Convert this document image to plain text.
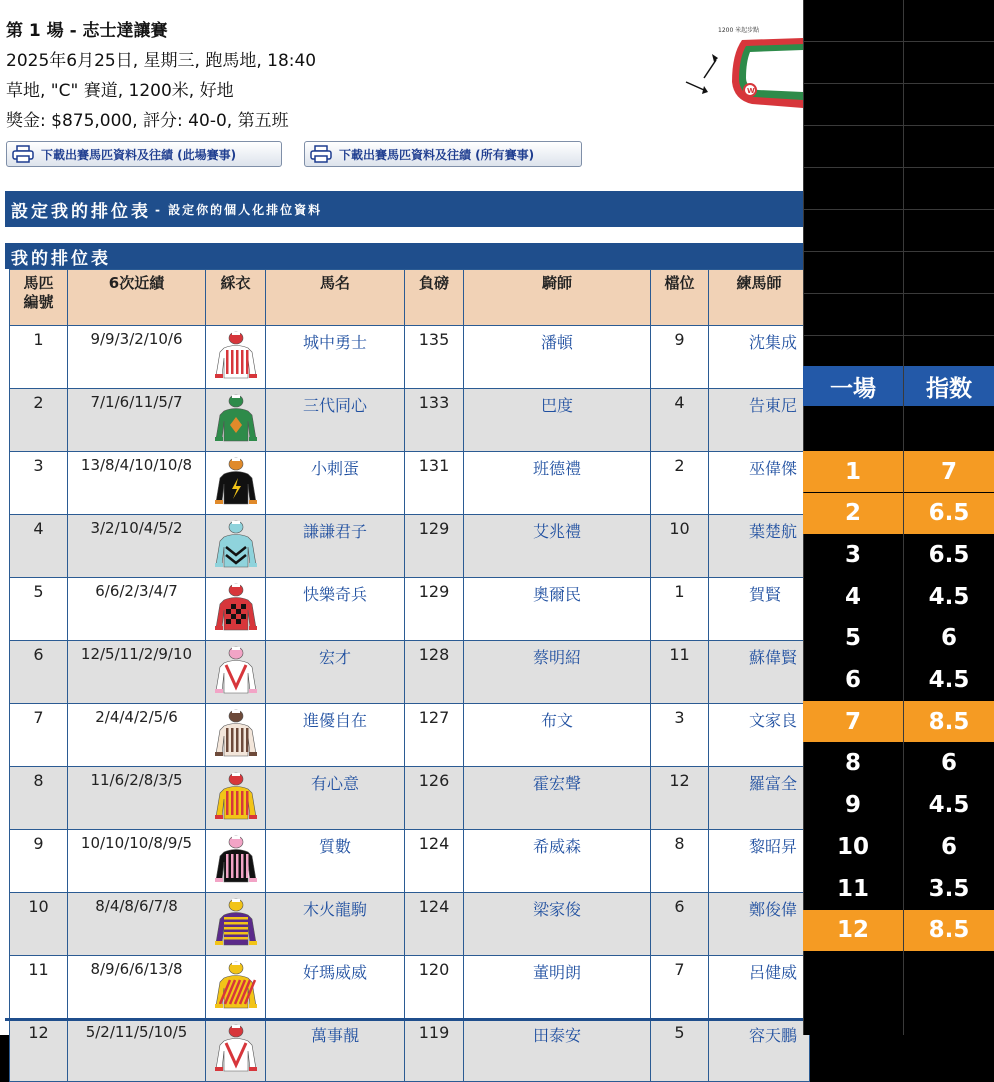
第 1 場 - 志士達讓賽
2025年6月25日, 星期三, 跑馬地, 18:40
草地, "C" 賽道, 1200米, 好地
獎金: $875,000, 評分: 40-0, 第五班
下載出賽馬匹資料及往績 (此場賽事)	下載出賽馬匹資料及往績 (所有賽事)
1200 米起步點
W
設定我的排位表 - 設定你的個人化排位資料
我的排位表
馬匹編號	6次近績	綵衣	馬名	負磅	騎師	檔位	練馬師
1	9/9/3/2/10/6		城中勇士	135	潘頓	9	沈集成
2	7/1/6/11/5/7		三代同心	133	巴度	4	告東尼
3	13/8/4/10/10/8		小刺蛋	131	班德禮	2	巫偉傑
4	3/2/10/4/5/2		謙謙君子	129	艾兆禮	10	葉楚航
5	6/6/2/3/4/7		快樂奇兵	129	奧爾民	1	賀賢
6	12/5/11/2/9/10		宏才	128	蔡明紹	11	蘇偉賢
7	2/4/4/2/5/6		進優自在	127	布文	3	文家良
8	11/6/2/8/3/5		有心意	126	霍宏聲	12	羅富全
9	10/10/10/8/9/5		質數	124	希威森	8	黎昭昇
10	8/4/8/6/7/8		木火龍駒	124	梁家俊	6	鄭俊偉
11	8/9/6/6/13/8		好瑪威威	120	董明朗	7	呂健威
12	5/2/11/5/10/5		萬事靚	119	田泰安	5	容天鵬
一場	指数
1	7
2	6.5
3	6.5
4	4.5
5	6
6	4.5
7	8.5
8	6
9	4.5
10	6
11	3.5
12	8.5
